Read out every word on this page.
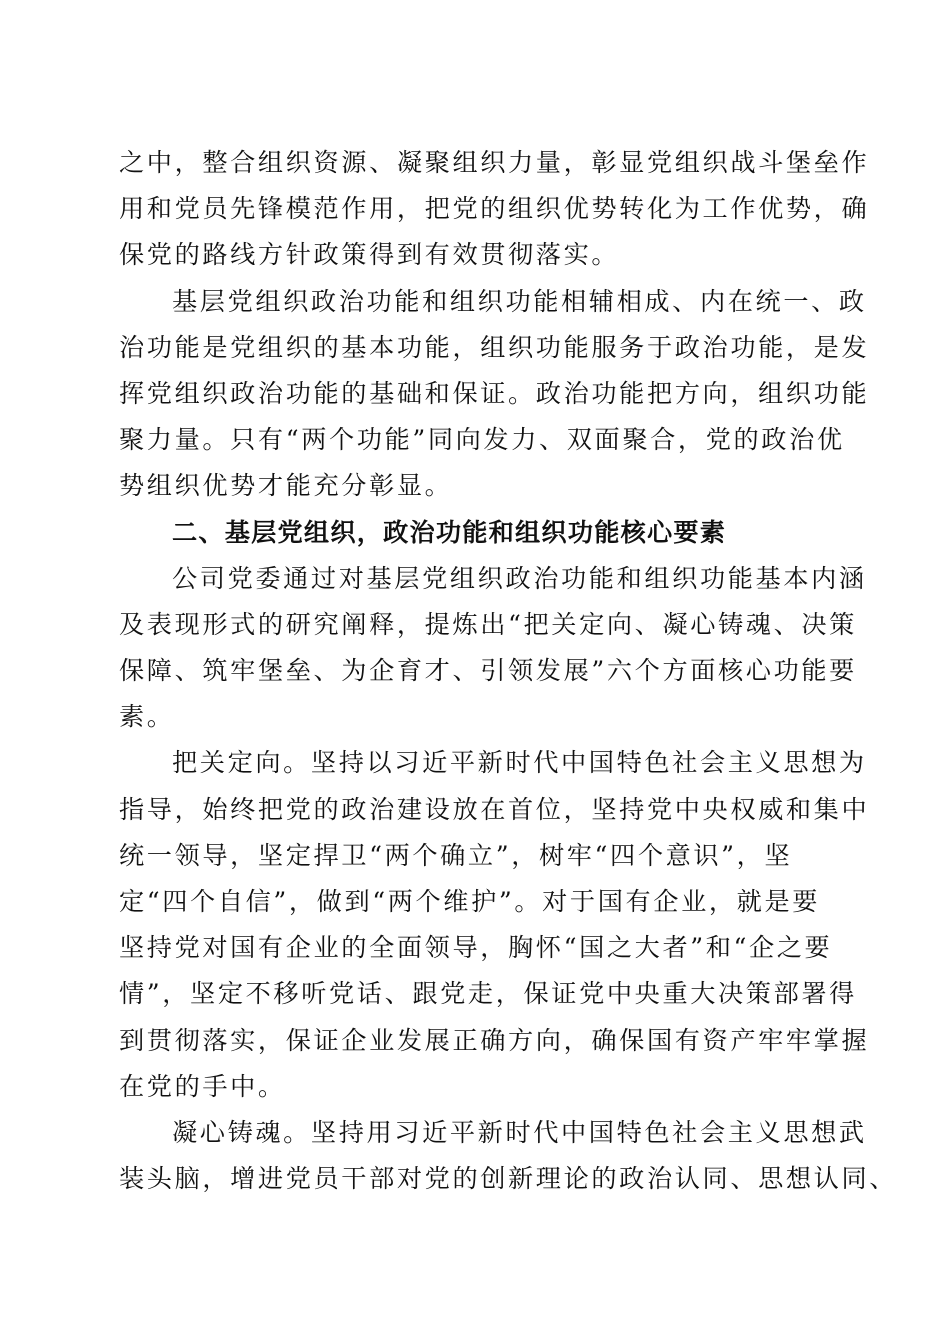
之中，整合组织资源、凝聚组织力量，彰显党组织战斗堡垒作
用和党员先锋模范作用，把党的组织优势转化为工作优势，确
保党的路线方针政策得到有效贯彻落实。
基层党组织政治功能和组织功能相辅相成、内在统一、政
治功能是党组织的基本功能，组织功能服务于政治功能，是发
挥党组织政治功能的基础和保证。政治功能把方向，组织功能
聚力量。只有“两个功能”同向发力、双面聚合，党的政治优
势组织优势才能充分彰显。
二、基层党组织，政治功能和组织功能核心要素
公司党委通过对基层党组织政治功能和组织功能基本内涵
及表现形式的研究阐释，提炼出“把关定向、凝心铸魂、决策
保障、筑牢堡垒、为企育才、引领发展”六个方面核心功能要
素。
把关定向。坚持以习近平新时代中国特色社会主义思想为
指导，始终把党的政治建设放在首位，坚持党中央权威和集中
统一领导，坚定捍卫“两个确立”，树牢“四个意识”，坚
定“四个自信”，做到“两个维护”。对于国有企业，就是要
坚持党对国有企业的全面领导，胸怀“国之大者”和“企之要
情”，坚定不移听党话、跟党走，保证党中央重大决策部署得
到贯彻落实，保证企业发展正确方向，确保国有资产牢牢掌握
在党的手中。
凝心铸魂。坚持用习近平新时代中国特色社会主义思想武
装头脑，增进党员干部对党的创新理论的政治认同、思想认同、
